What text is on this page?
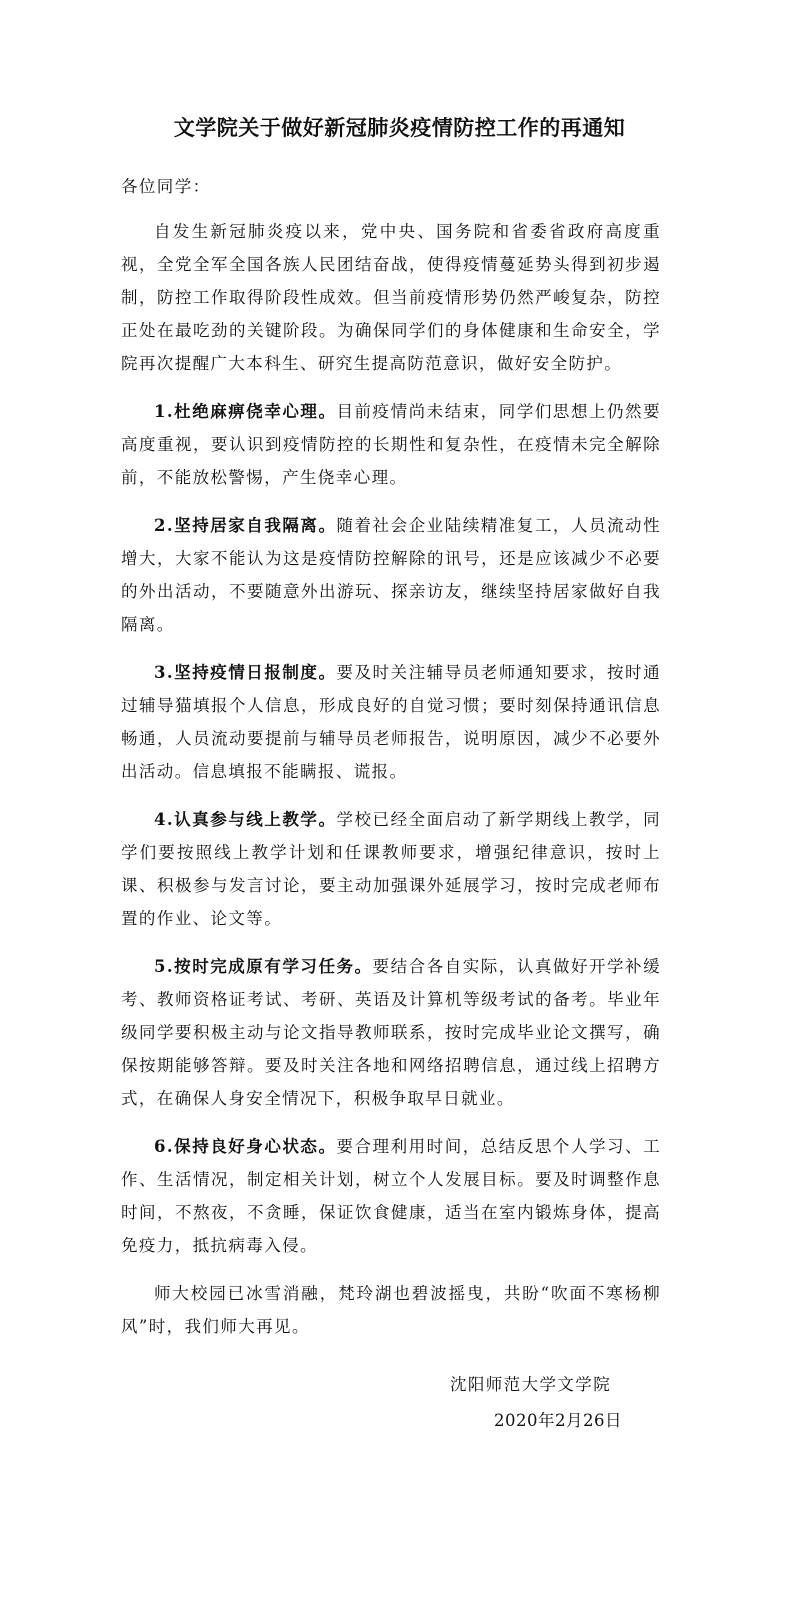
文学院关于做好新冠肺炎疫情防控工作的再通知

各位同学：

自发生新冠肺炎疫以来，党中央、国务院和省委省政府高度重视，全党全军全国各族人民团结奋战，使得疫情蔓延势头得到初步遏制，防控工作取得阶段性成效。但当前疫情形势仍然严峻复杂，防控正处在最吃劲的关键阶段。为确保同学们的身体健康和生命安全，学院再次提醒广大本科生、研究生提高防范意识，做好安全防护。

1.杜绝麻痹侥幸心理。目前疫情尚未结束，同学们思想上仍然要高度重视，要认识到疫情防控的长期性和复杂性，在疫情未完全解除前，不能放松警惕，产生侥幸心理。

2.坚持居家自我隔离。随着社会企业陆续精准复工，人员流动性增大，大家不能认为这是疫情防控解除的讯号，还是应该减少不必要的外出活动，不要随意外出游玩、探亲访友，继续坚持居家做好自我隔离。

3.坚持疫情日报制度。要及时关注辅导员老师通知要求，按时通过辅导猫填报个人信息，形成良好的自觉习惯；要时刻保持通讯信息畅通，人员流动要提前与辅导员老师报告，说明原因，减少不必要外出活动。信息填报不能瞒报、谎报。

4.认真参与线上教学。学校已经全面启动了新学期线上教学，同学们要按照线上教学计划和任课教师要求，增强纪律意识，按时上课、积极参与发言讨论，要主动加强课外延展学习，按时完成老师布置的作业、论文等。

5.按时完成原有学习任务。要结合各自实际，认真做好开学补缓考、教师资格证考试、考研、英语及计算机等级考试的备考。毕业年级同学要积极主动与论文指导教师联系，按时完成毕业论文撰写，确保按期能够答辩。要及时关注各地和网络招聘信息，通过线上招聘方式，在确保人身安全情况下，积极争取早日就业。

6.保持良好身心状态。要合理利用时间，总结反思个人学习、工作、生活情况，制定相关计划，树立个人发展目标。要及时调整作息时间，不熬夜，不贪睡，保证饮食健康，适当在室内锻炼身体，提高免疫力，抵抗病毒入侵。

师大校园已冰雪消融，梵玲湖也碧波摇曳，共盼“吹面不寒杨柳风”时，我们师大再见。

沈阳师范大学文学院
2020年2月26日
